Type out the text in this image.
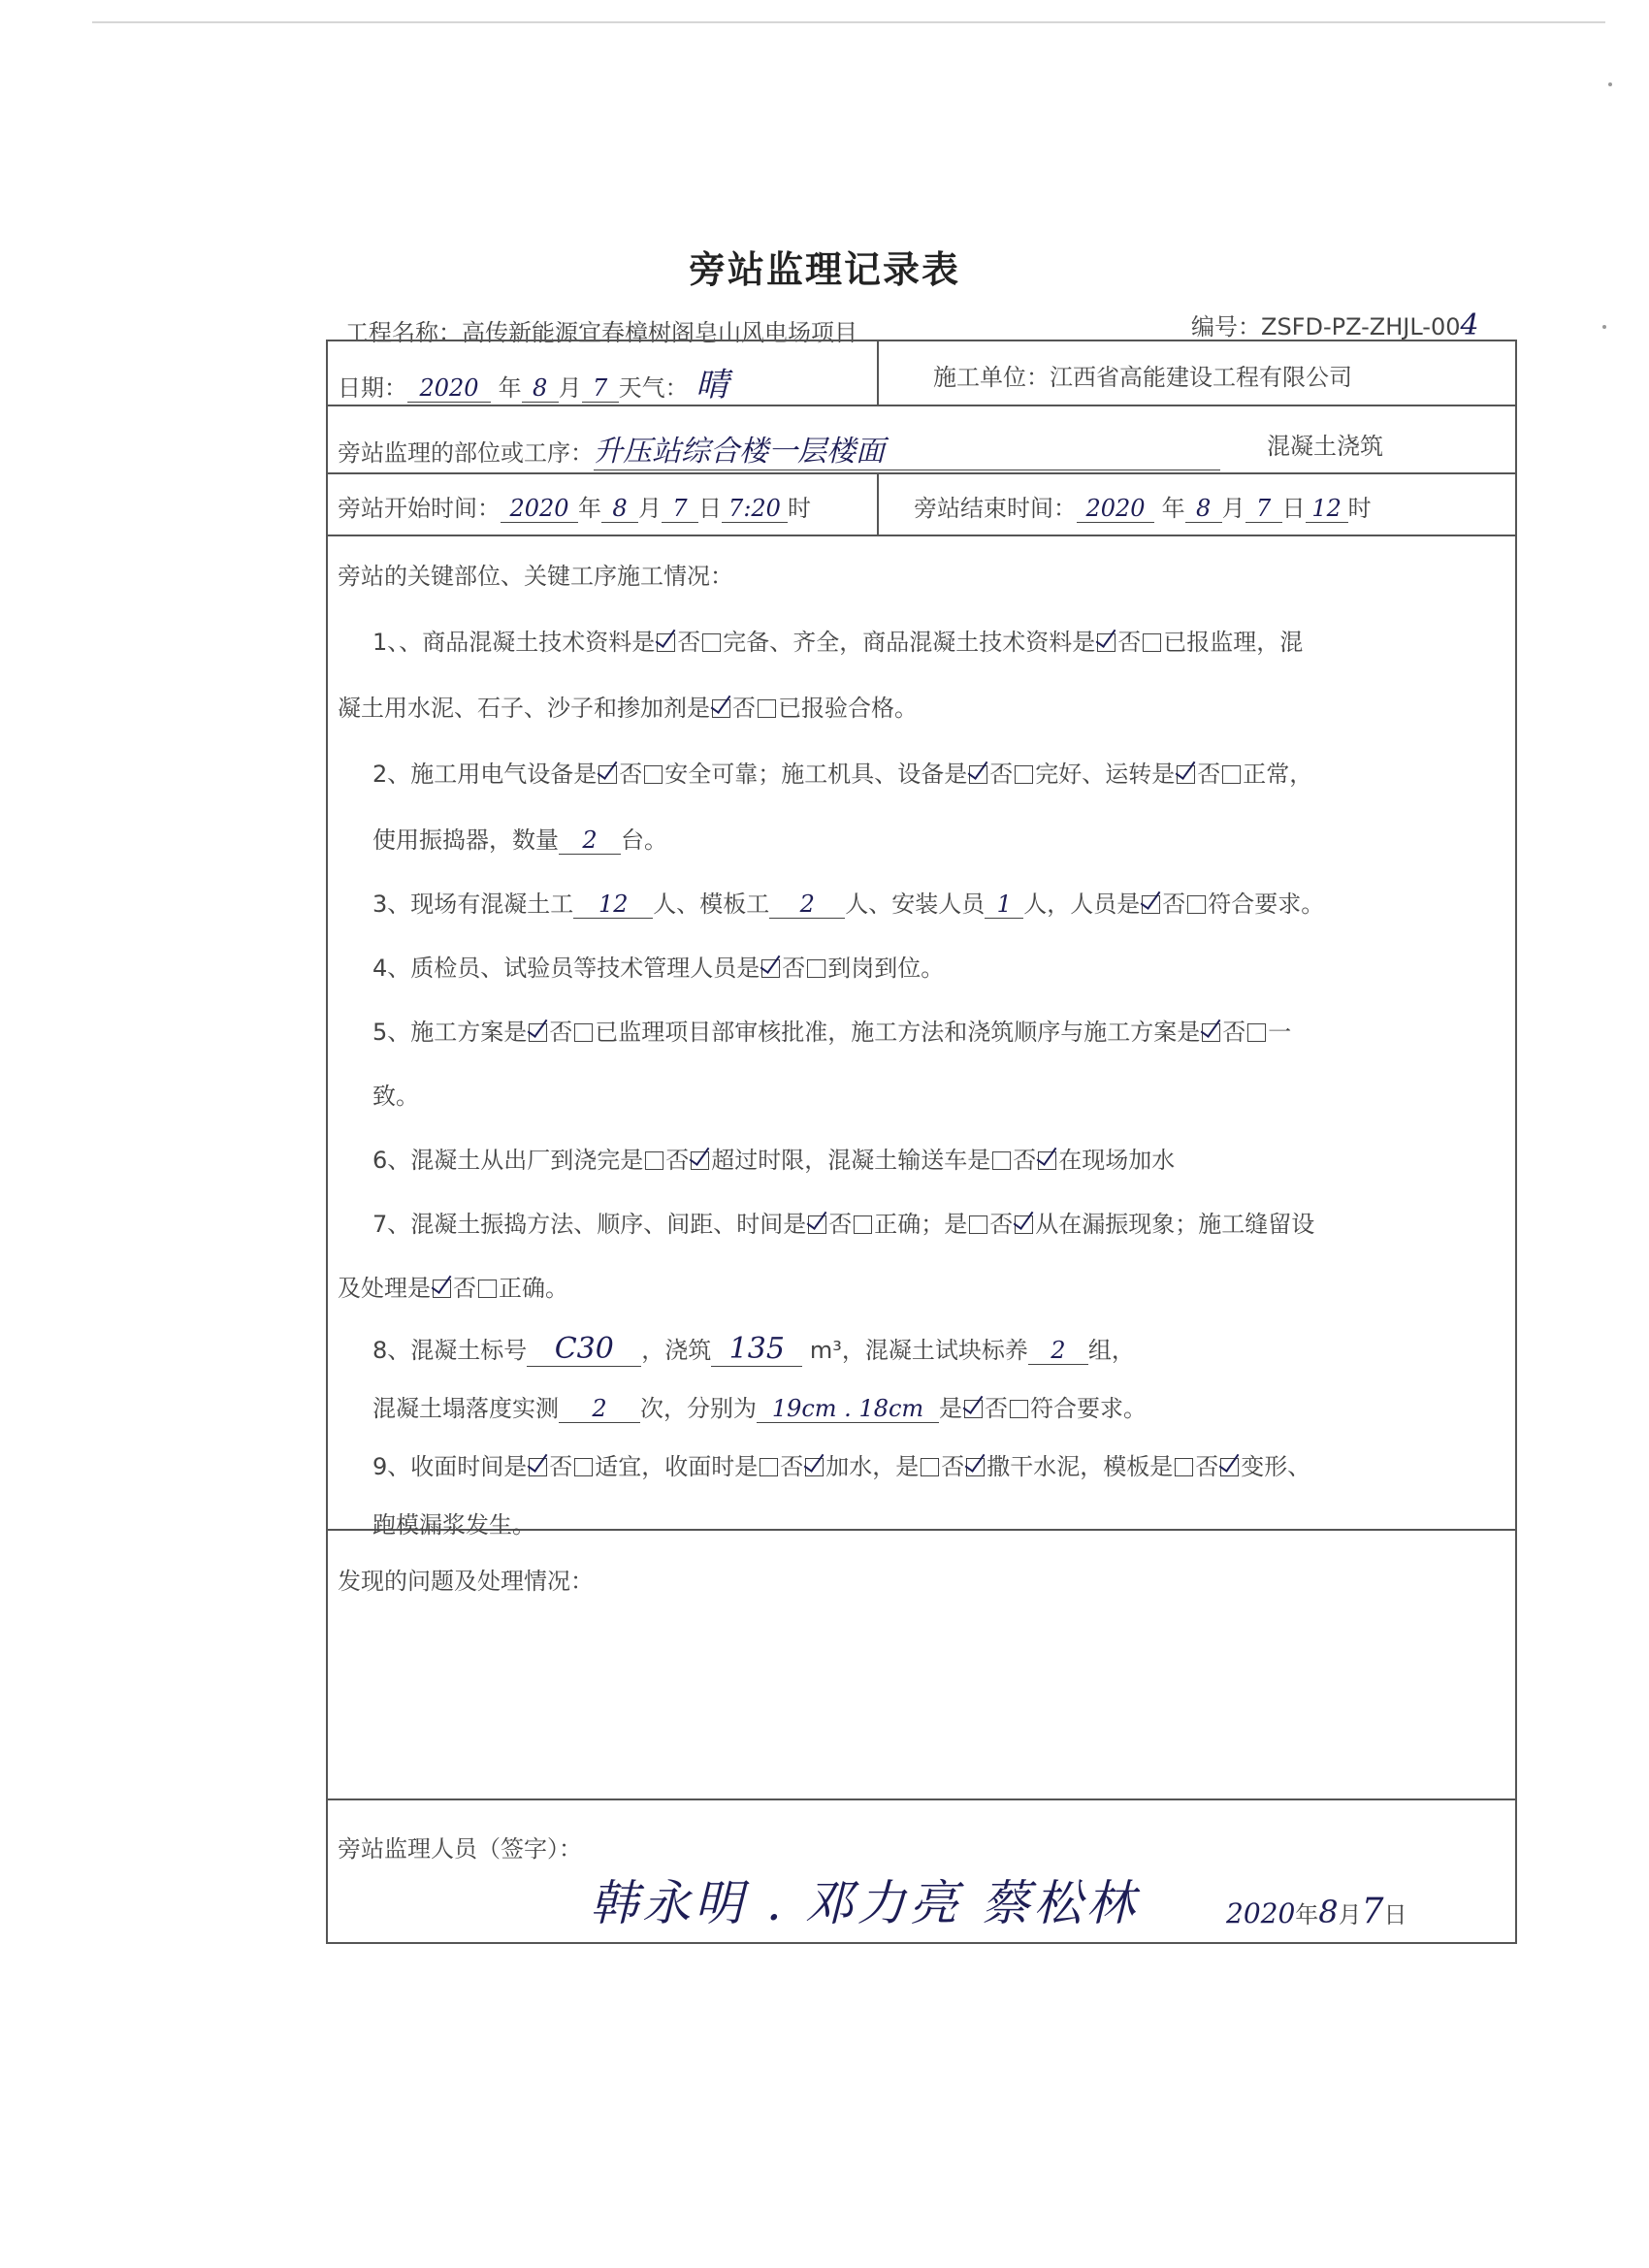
旁站监理记录表
工程名称：高传新能源宜春樟树阁皂山风电场项目	编号：ZSFD-PZ-ZHJL-004
日期： 2020 年 8 月 7 天气： 晴	施工单位：江西省高能建设工程有限公司
旁站监理的部位或工序：升压站综合楼一层楼面	混凝土浇筑
旁站开始时间： 2020 年 8 月 7 日 7:20 时	旁站结束时间： 2020 年 8 月 7 日 12 时
旁站的关键部位、关键工序施工情况：
1、、商品混凝土技术资料是 否 完备、齐全，商品混凝土技术资料是 否 已报监理，混
凝土用水泥、石子、沙子和掺加剂是 否 已报验合格。
2、施工用电气设备是 否 安全可靠；施工机具、设备是 否 完好、运转是 否 正常，
使用振捣器，数量 2 台。
3、现场有混凝土工 12 人、模板工 2 人、安装人员 1 人，人员是 否 符合要求。
4、质检员、试验员等技术管理人员是 否 到岗到位。
5、施工方案是 否 已监理项目部审核批准，施工方法和浇筑顺序与施工方案是 否 一
致。
6、混凝土从出厂到浇完是 否 超过时限，混凝土输送车是 否 在现场加水
7、混凝土振捣方法、顺序、间距、时间是 否 正确；是 否 从在漏振现象；施工缝留设
及处理是 否 正确。
8、混凝土标号 C30 ，浇筑 135 m³，混凝土试块标养 2 组，
混凝土塌落度实测 2 次，分别为 19cm . 18cm 是 否 符合要求。
9、收面时间是 否 适宜，收面时是 否 加水，是 否 撒干水泥，模板是 否 变形、
跑模漏浆发生。
发现的问题及处理情况：
旁站监理人员（签字）：
韩永明 . 邓力亮 蔡松林	2020年8月7日
